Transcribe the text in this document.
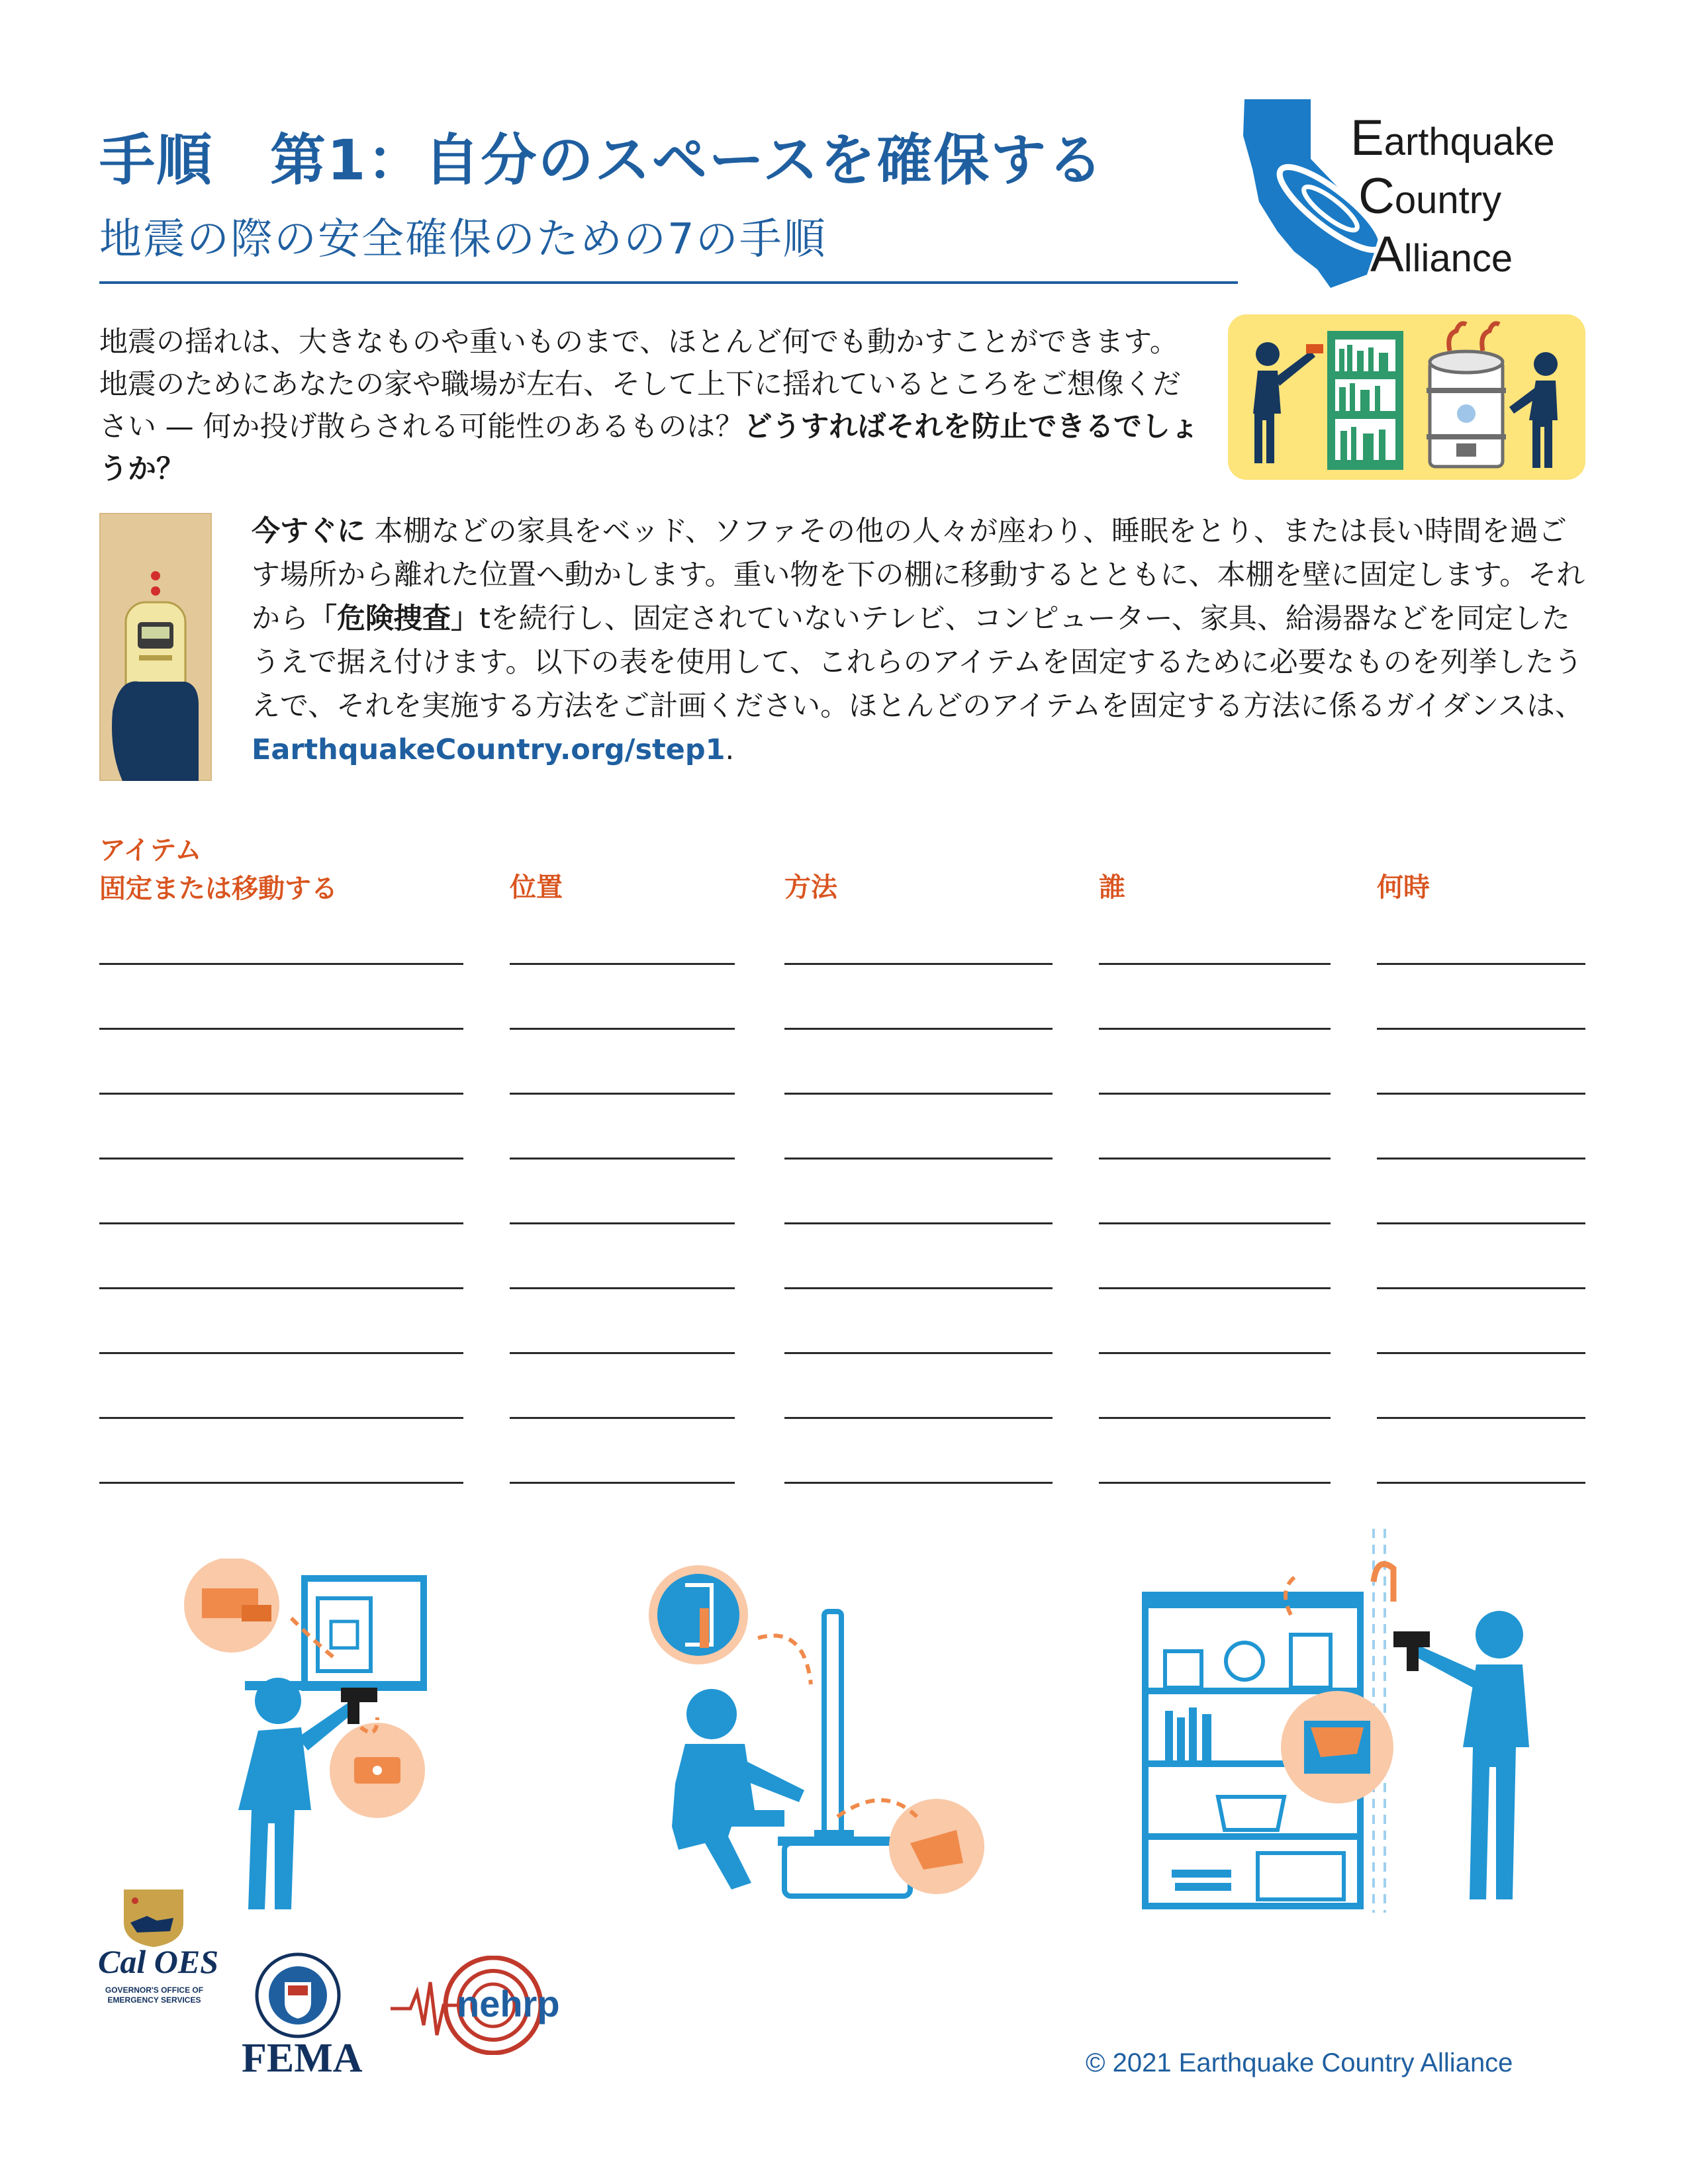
手順　第1：自分のスペースを確保する
地震の際の安全確保のための7の手順
Earthquake
Country
Alliance
地震の揺れは、大きなものや重いものまで、ほとんど何でも動かすことができます。地震のためにあなたの家や職場が左右、そして上下に揺れているところをご想像ください — 何か投げ散らされる可能性のあるものは？どうすればそれを防止できるでしょうか？
今すぐに 本棚などの家具をベッド、ソファその他の人々が座わり、睡眠をとり、または長い時間を過ごす場所から離れた位置へ動かします。重い物を下の棚に移動するとともに、本棚を壁に固定します。それから「危険捜査」tを続行し、固定されていないテレビ、コンピューター、家具、給湯器などを同定したうえで据え付けます。以下の表を使用して、これらのアイテムを固定するために必要なものを列挙したうえで、それを実施する方法をご計画ください。ほとんどのアイテムを固定する方法に係るガイダンスは、EarthquakeCountry.org/step1.
アイテム
固定または移動する	位置	方法	誰	何時
Cal OES
GOVERNOR'S OFFICE OF EMERGENCY SERVICES
FEMA
nehrp
© 2021 Earthquake Country Alliance
